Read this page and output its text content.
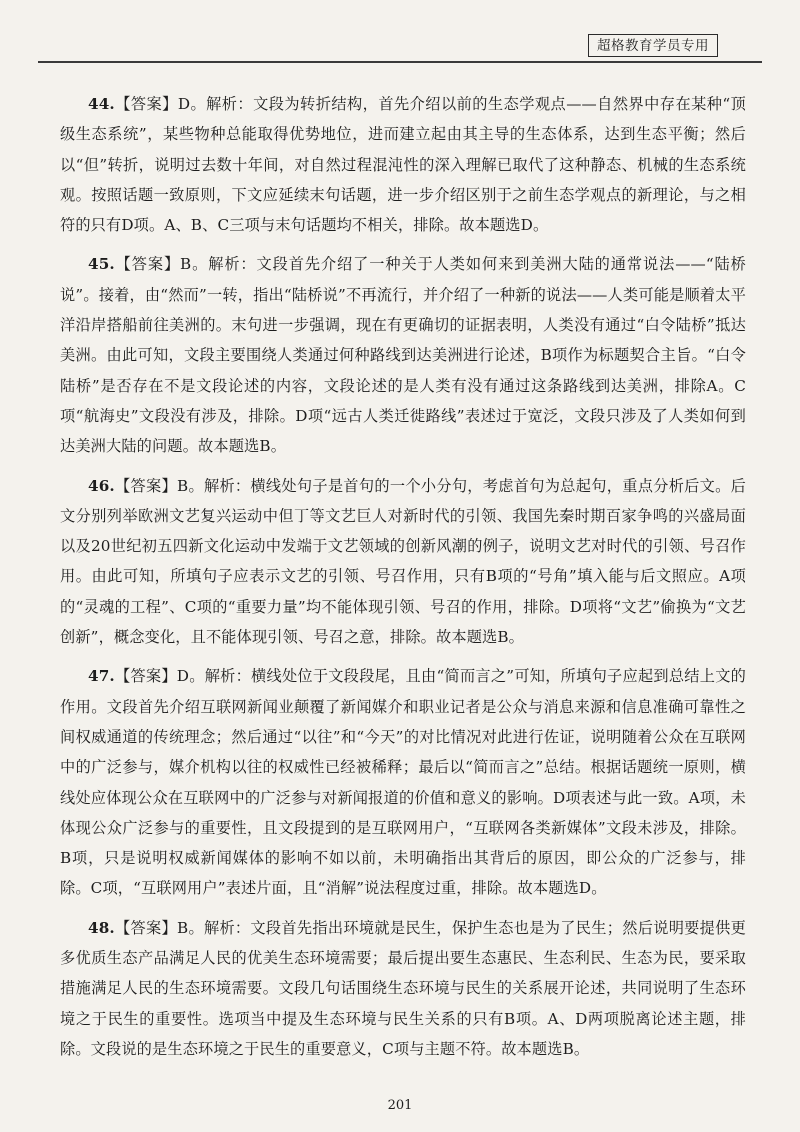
超格教育学员专用

44.【答案】D。解析：文段为转折结构，首先介绍以前的生态学观点——自然界中存在某种“顶级生态系统”，某些物种总能取得优势地位，进而建立起由其主导的生态体系，达到生态平衡；然后以“但”转折，说明过去数十年间，对自然过程混沌性的深入理解已取代了这种静态、机械的生态系统观。按照话题一致原则，下文应延续末句话题，进一步介绍区别于之前生态学观点的新理论，与之相符的只有D项。A、B、C三项与末句话题均不相关，排除。故本题选D。

45.【答案】B。解析：文段首先介绍了一种关于人类如何来到美洲大陆的通常说法——“陆桥说”。接着，由“然而”一转，指出“陆桥说”不再流行，并介绍了一种新的说法——人类可能是顺着太平洋沿岸搭船前往美洲的。末句进一步强调，现在有更确切的证据表明，人类没有通过“白令陆桥”抵达美洲。由此可知，文段主要围绕人类通过何种路线到达美洲进行论述，B项作为标题契合主旨。“白令陆桥”是否存在不是文段论述的内容，文段论述的是人类有没有通过这条路线到达美洲，排除A。C项“航海史”文段没有涉及，排除。D项“远古人类迁徙路线”表述过于宽泛，文段只涉及了人类如何到达美洲大陆的问题。故本题选B。

46.【答案】B。解析：横线处句子是首句的一个小分句，考虑首句为总起句，重点分析后文。后文分别列举欧洲文艺复兴运动中但丁等文艺巨人对新时代的引领、我国先秦时期百家争鸣的兴盛局面以及20世纪初五四新文化运动中发端于文艺领域的创新风潮的例子，说明文艺对时代的引领、号召作用。由此可知，所填句子应表示文艺的引领、号召作用，只有B项的“号角”填入能与后文照应。A项的“灵魂的工程”、C项的“重要力量”均不能体现引领、号召的作用，排除。D项将“文艺”偷换为“文艺创新”，概念变化，且不能体现引领、号召之意，排除。故本题选B。

47.【答案】D。解析：横线处位于文段段尾，且由“简而言之”可知，所填句子应起到总结上文的作用。文段首先介绍互联网新闻业颠覆了新闻媒介和职业记者是公众与消息来源和信息准确可靠性之间权威通道的传统理念；然后通过“以往”和“今天”的对比情况对此进行佐证，说明随着公众在互联网中的广泛参与，媒介机构以往的权威性已经被稀释；最后以“简而言之”总结。根据话题统一原则，横线处应体现公众在互联网中的广泛参与对新闻报道的价值和意义的影响。D项表述与此一致。A项，未体现公众广泛参与的重要性，且文段提到的是互联网用户，“互联网各类新媒体”文段未涉及，排除。B项，只是说明权威新闻媒体的影响不如以前，未明确指出其背后的原因，即公众的广泛参与，排除。C项，“互联网用户”表述片面，且“消解”说法程度过重，排除。故本题选D。

48.【答案】B。解析：文段首先指出环境就是民生，保护生态也是为了民生；然后说明要提供更多优质生态产品满足人民的优美生态环境需要；最后提出要生态惠民、生态利民、生态为民，要采取措施满足人民的生态环境需要。文段几句话围绕生态环境与民生的关系展开论述，共同说明了生态环境之于民生的重要性。选项当中提及生态环境与民生关系的只有B项。A、D两项脱离论述主题，排除。文段说的是生态环境之于民生的重要意义，C项与主题不符。故本题选B。

201
